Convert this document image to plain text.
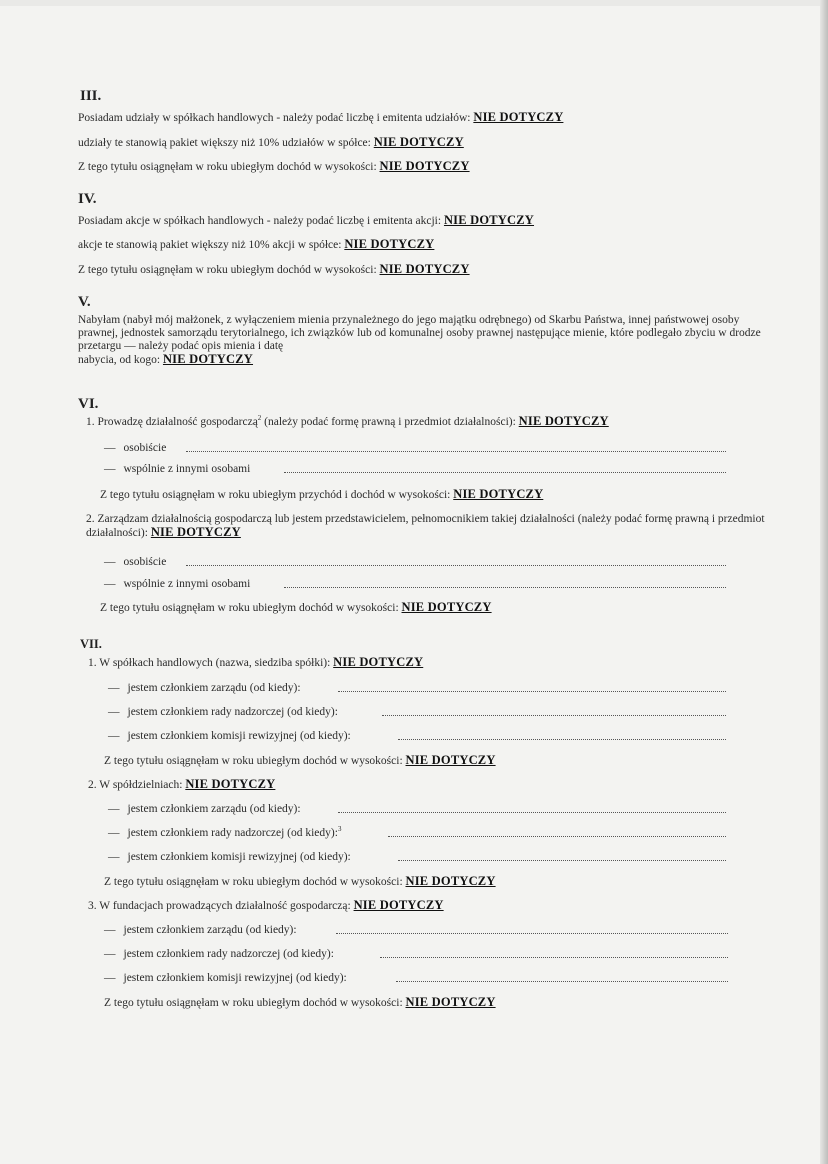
III.
Posiadam udziały w spółkach handlowych - należy podać liczbę i emitenta udziałów: NIE DOTYCZY
udziały te stanowią pakiet większy niż 10% udziałów w spółce: NIE DOTYCZY
Z tego tytułu osiągnęłam w roku ubiegłym dochód w wysokości: NIE DOTYCZY
IV.
Posiadam akcje w spółkach handlowych - należy podać liczbę i emitenta akcji: NIE DOTYCZY
akcje te stanowią pakiet większy niż 10% akcji w spółce: NIE DOTYCZY
Z tego tytułu osiągnęłam w roku ubiegłym dochód w wysokości: NIE DOTYCZY
V.
Nabyłam (nabył mój małżonek, z wyłączeniem mienia przynależnego do jego majątku odrębnego) od Skarbu Państwa, innej państwowej osoby prawnej, jednostek samorządu terytorialnego, ich związków lub od komunalnej osoby prawnej następujące mienie, które podlegało zbyciu w drodze przetargu — należy podać opis mienia i datę
nabycia, od kogo: NIE DOTYCZY
VI.
1. Prowadzę działalność gospodarczą$^2$ (należy podać formę prawną i przedmiot działalności): NIE DOTYCZY
— osobiście
— wspólnie z innymi osobami
Z tego tytułu osiągnęłam w roku ubiegłym przychód i dochód w wysokości: NIE DOTYCZY
2. Zarządzam działalnością gospodarczą lub jestem przedstawicielem, pełnomocnikiem takiej działalności (należy podać formę prawną i przedmiot działalności): NIE DOTYCZY
— osobiście
— wspólnie z innymi osobami
Z tego tytułu osiągnęłam w roku ubiegłym dochód w wysokości: NIE DOTYCZY
VII.
1. W spółkach handlowych (nazwa, siedziba spółki): NIE DOTYCZY
— jestem członkiem zarządu (od kiedy):
— jestem członkiem rady nadzorczej (od kiedy):
— jestem członkiem komisji rewizyjnej (od kiedy):
Z tego tytułu osiągnęłam w roku ubiegłym dochód w wysokości: NIE DOTYCZY
2. W spółdzielniach: NIE DOTYCZY
— jestem członkiem zarządu (od kiedy):
— jestem członkiem rady nadzorczej (od kiedy):$^3$
— jestem członkiem komisji rewizyjnej (od kiedy):
Z tego tytułu osiągnęłam w roku ubiegłym dochód w wysokości: NIE DOTYCZY
3. W fundacjach prowadzących działalność gospodarczą: NIE DOTYCZY
— jestem członkiem zarządu (od kiedy):
— jestem członkiem rady nadzorczej (od kiedy):
— jestem członkiem komisji rewizyjnej (od kiedy):
Z tego tytułu osiągnęłam w roku ubiegłym dochód w wysokości: NIE DOTYCZY
